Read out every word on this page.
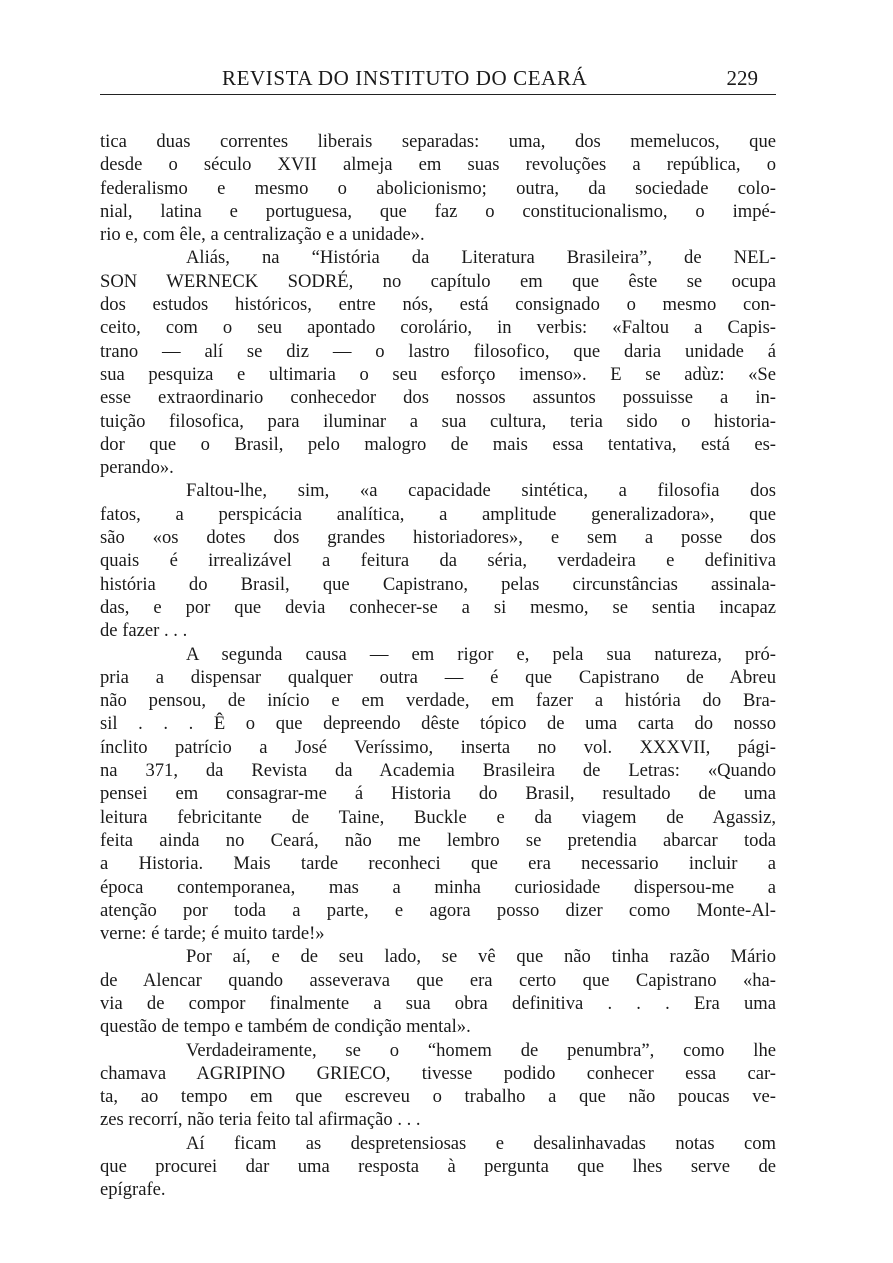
REVISTA DO INSTITUTO DO CEARÁ	229
tica duas correntes liberais separadas: uma, dos memelucos, que
desde o século XVII almeja em suas revoluções a república, o
federalismo e mesmo o abolicionismo; outra, da sociedade colo-
nial, latina e portuguesa, que faz o constitucionalismo, o impé-
rio e, com êle, a centralização e a unidade».
Aliás, na “História da Literatura Brasileira”, de NEL-
SON WERNECK SODRÉ, no capítulo em que êste se ocupa
dos estudos históricos, entre nós, está consignado o mesmo con-
ceito, com o seu apontado corolário, in verbis: «Faltou a Capis-
trano — alí se diz — o lastro filosofico, que daria unidade á
sua pesquiza e ultimaria o seu esforço imenso». E se adùz: «Se
esse extraordinario conhecedor dos nossos assuntos possuisse a in-
tuição filosofica, para iluminar a sua cultura, teria sido o historia-
dor que o Brasil, pelo malogro de mais essa tentativa, está es-
perando».
Faltou-lhe, sim, «a capacidade sintética, a filosofia dos
fatos, a perspicácia analítica, a amplitude generalizadora», que
são «os dotes dos grandes historiadores», e sem a posse dos
quais é irrealizável a feitura da séria, verdadeira e definitiva
história do Brasil, que Capistrano, pelas circunstâncias assinala-
das, e por que devia conhecer-se a si mesmo, se sentia incapaz
de fazer . . .
A segunda causa — em rigor e, pela sua natureza, pró-
pria a dispensar qualquer outra — é que Capistrano de Abreu
não pensou, de início e em verdade, em fazer a história do Bra-
sil . . . Ê o que depreendo dêste tópico de uma carta do nosso
ínclito patrício a José Veríssimo, inserta no vol. XXXVII, pági-
na 371, da Revista da Academia Brasileira de Letras: «Quando
pensei em consagrar-me á Historia do Brasil, resultado de uma
leitura febricitante de Taine, Buckle e da viagem de Agassiz,
feita ainda no Ceará, não me lembro se pretendia abarcar toda
a Historia. Mais tarde reconheci que era necessario incluir a
época contemporanea, mas a minha curiosidade dispersou-me a
atenção por toda a parte, e agora posso dizer como Monte-Al-
verne: é tarde; é muito tarde!»
Por aí, e de seu lado, se vê que não tinha razão Mário
de Alencar quando asseverava que era certo que Capistrano «ha-
via de compor finalmente a sua obra definitiva . . . Era uma
questão de tempo e também de condição mental».
Verdadeiramente, se o “homem de penumbra”, como lhe
chamava AGRIPINO GRIECO, tivesse podido conhecer essa car-
ta, ao tempo em que escreveu o trabalho a que não poucas ve-
zes recorrí, não teria feito tal afirmação . . .
Aí ficam as despretensiosas e desalinhavadas notas com
que procurei dar uma resposta à pergunta que lhes serve de
epígrafe.
